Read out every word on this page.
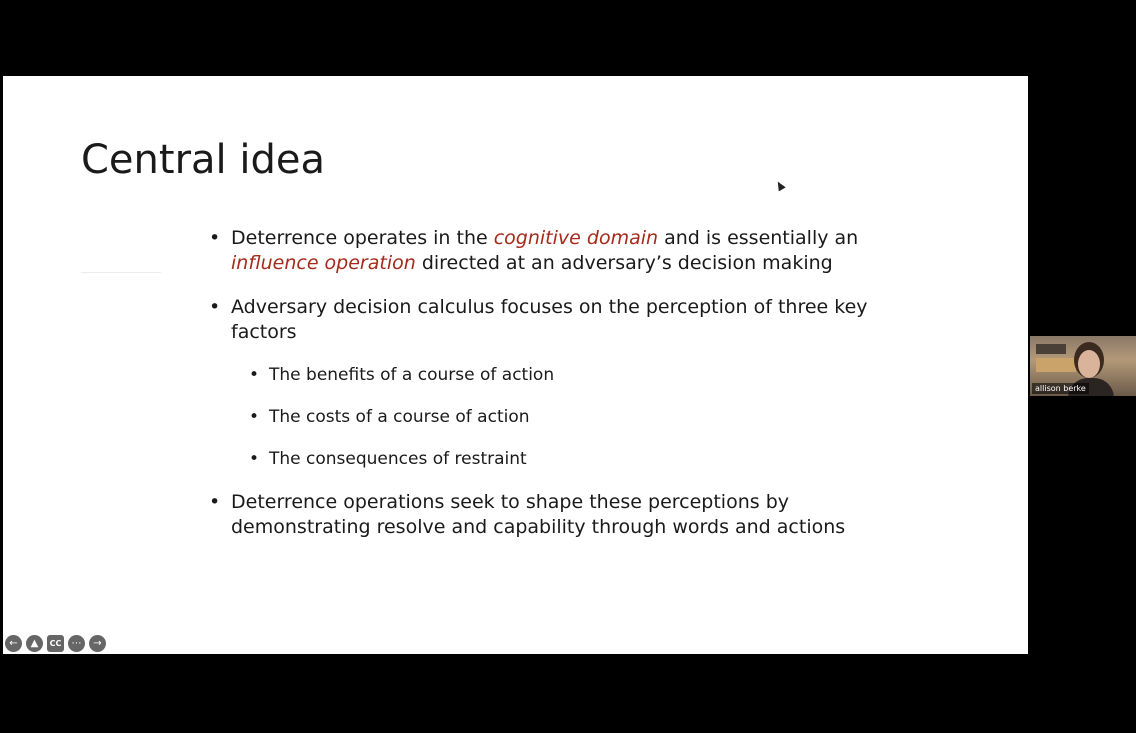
Central idea
• Deterrence operates in the cognitive domain and is essentially an influence operation directed at an adversary’s decision making
• Adversary decision calculus focuses on the perception of three key factors
• The benefits of a course of action
• The costs of a course of action
• The consequences of restraint
• Deterrence operations seek to shape these perceptions by demonstrating resolve and capability through words and actions
←	▲	CC	⋯	→
allison berke
